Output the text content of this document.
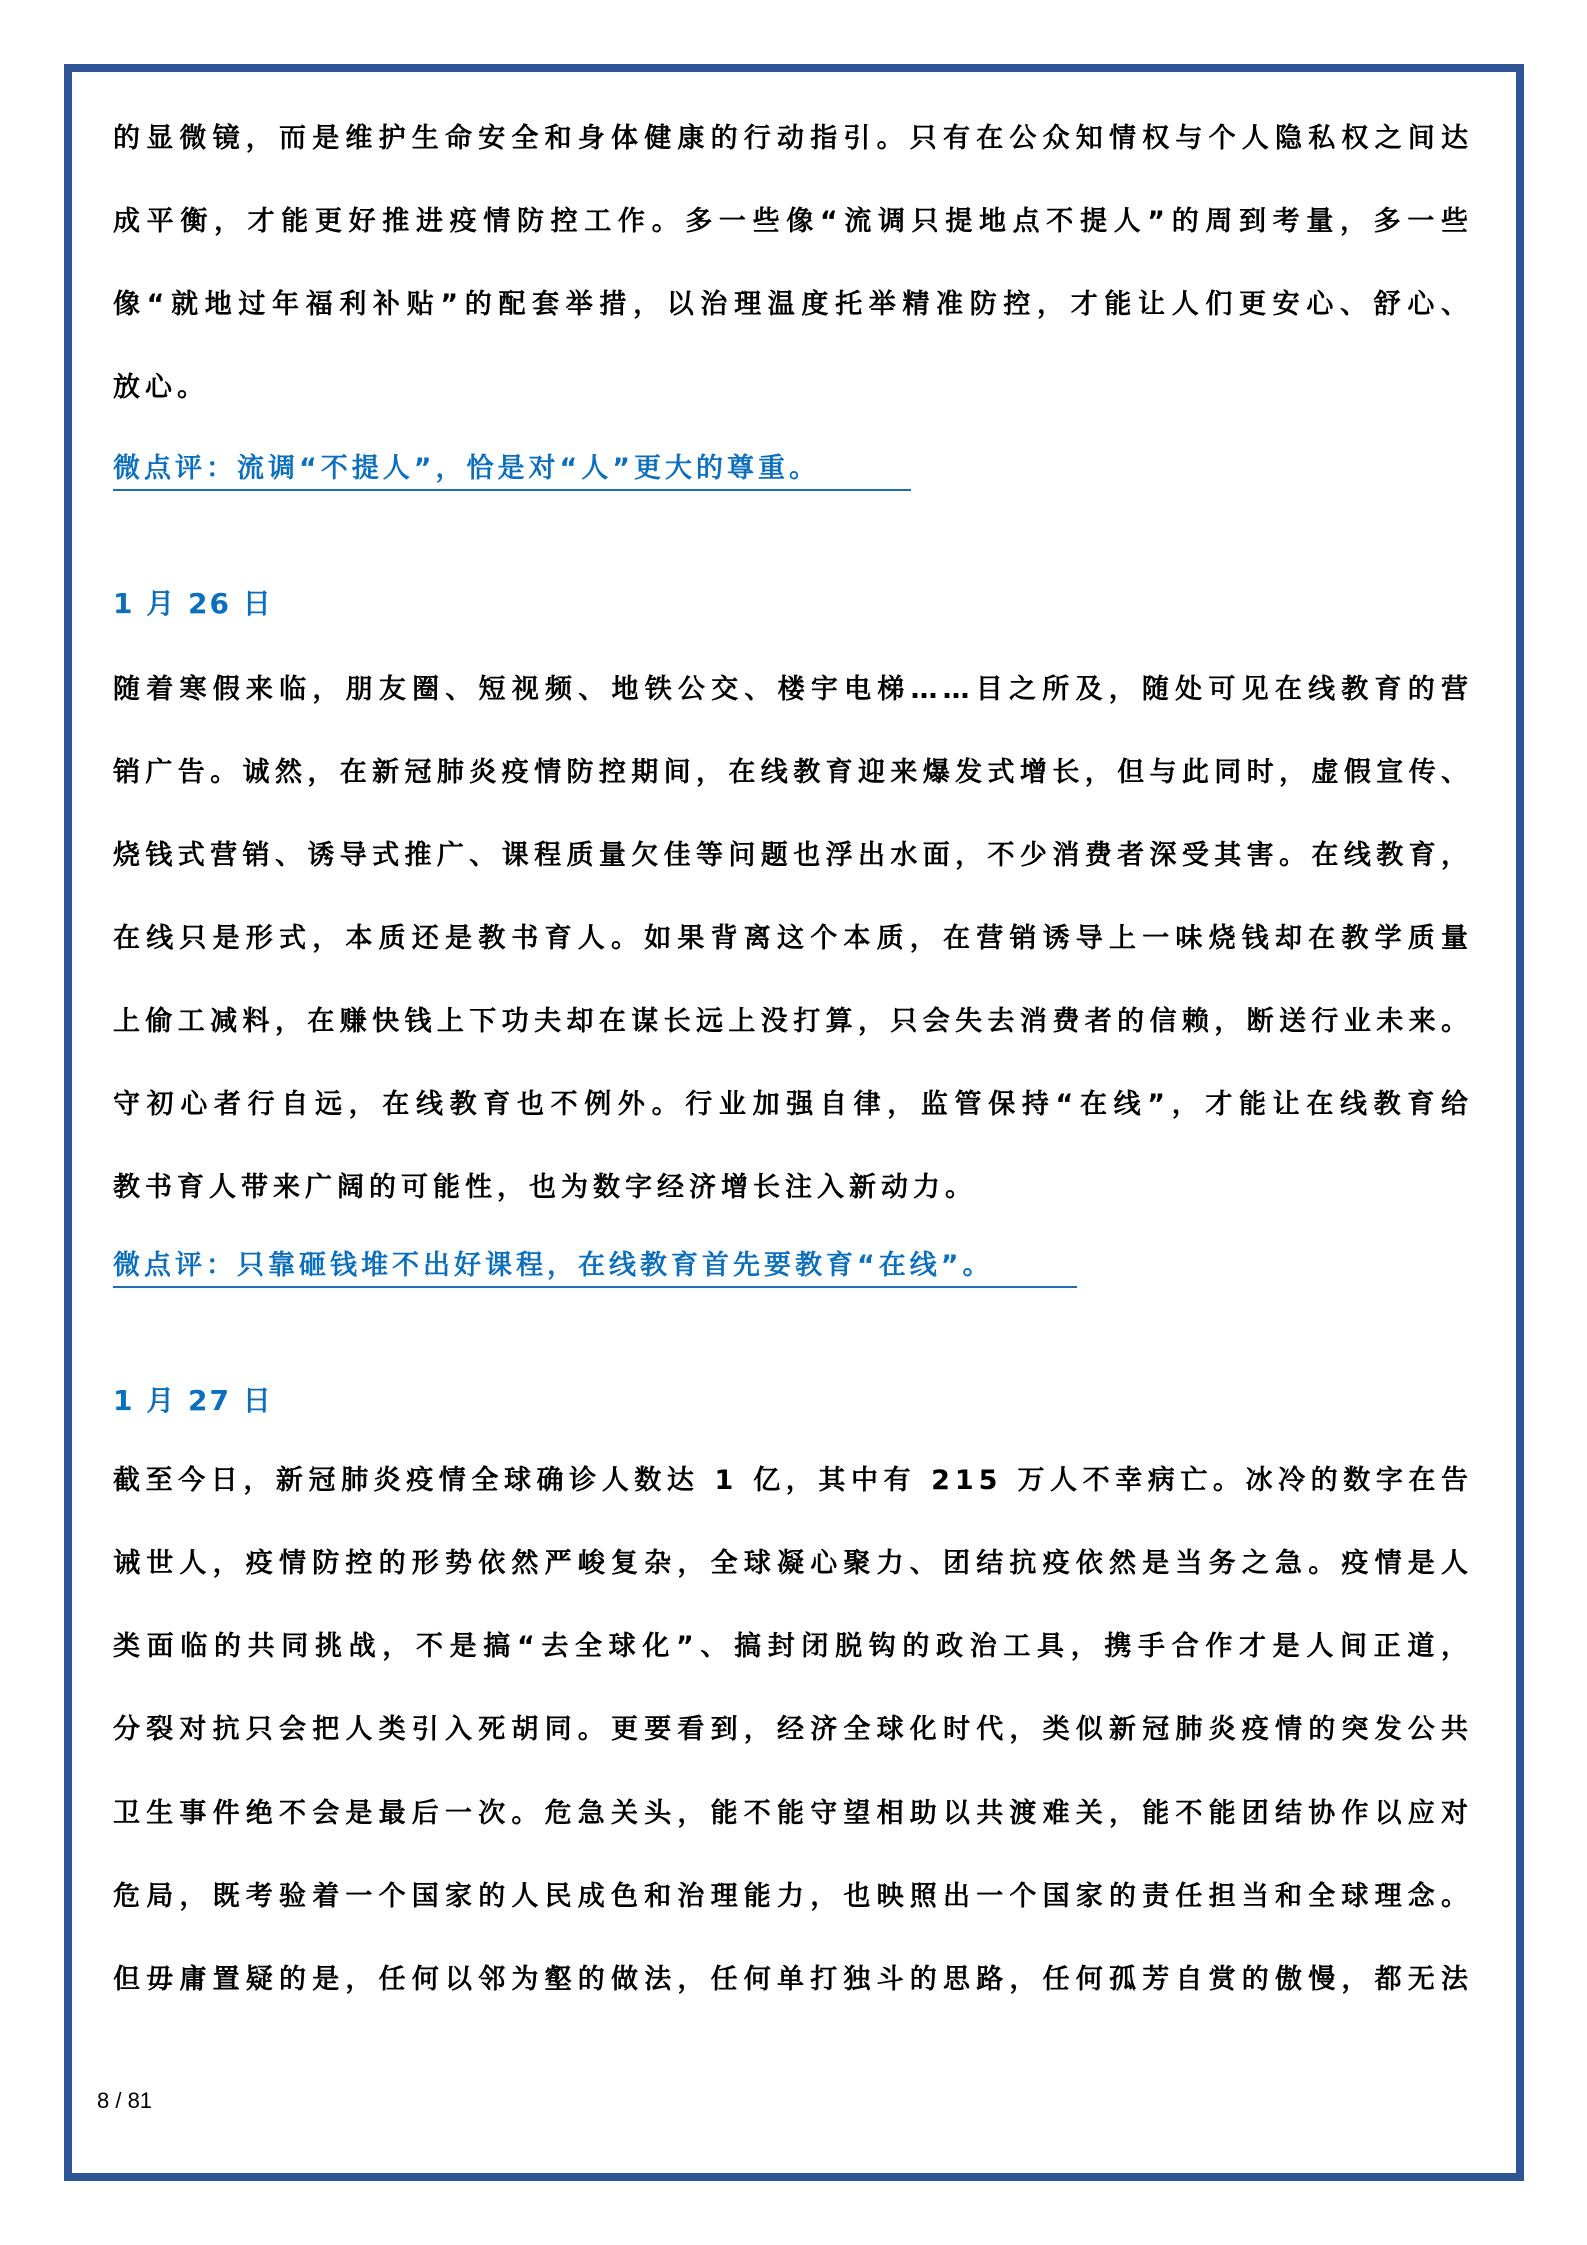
的显微镜，而是维护生命安全和身体健康的行动指引。只有在公众知情权与个人隐私权之间达
成平衡，才能更好推进疫情防控工作。多一些像“流调只提地点不提人”的周到考量，多一些
像“就地过年福利补贴”的配套举措，以治理温度托举精准防控，才能让人们更安心、舒心、
放心。
微点评：流调“不提人”，恰是对“人”更大的尊重。
1 月 26 日
随着寒假来临，朋友圈、短视频、地铁公交、楼宇电梯……目之所及，随处可见在线教育的营
销广告。诚然，在新冠肺炎疫情防控期间，在线教育迎来爆发式增长，但与此同时，虚假宣传、
烧钱式营销、诱导式推广、课程质量欠佳等问题也浮出水面，不少消费者深受其害。在线教育，
在线只是形式，本质还是教书育人。如果背离这个本质，在营销诱导上一味烧钱却在教学质量
上偷工减料，在赚快钱上下功夫却在谋长远上没打算，只会失去消费者的信赖，断送行业未来。
守初心者行自远，在线教育也不例外。行业加强自律，监管保持“在线”，才能让在线教育给
教书育人带来广阔的可能性，也为数字经济增长注入新动力。
微点评：只靠砸钱堆不出好课程，在线教育首先要教育“在线”。
1 月 27 日
截至今日，新冠肺炎疫情全球确诊人数达 1 亿，其中有 215 万人不幸病亡。冰冷的数字在告
诫世人，疫情防控的形势依然严峻复杂，全球凝心聚力、团结抗疫依然是当务之急。疫情是人
类面临的共同挑战，不是搞“去全球化”、搞封闭脱钩的政治工具，携手合作才是人间正道，
分裂对抗只会把人类引入死胡同。更要看到，经济全球化时代，类似新冠肺炎疫情的突发公共
卫生事件绝不会是最后一次。危急关头，能不能守望相助以共渡难关，能不能团结协作以应对
危局，既考验着一个国家的人民成色和治理能力，也映照出一个国家的责任担当和全球理念。
但毋庸置疑的是，任何以邻为壑的做法，任何单打独斗的思路，任何孤芳自赏的傲慢，都无法
8 / 81
